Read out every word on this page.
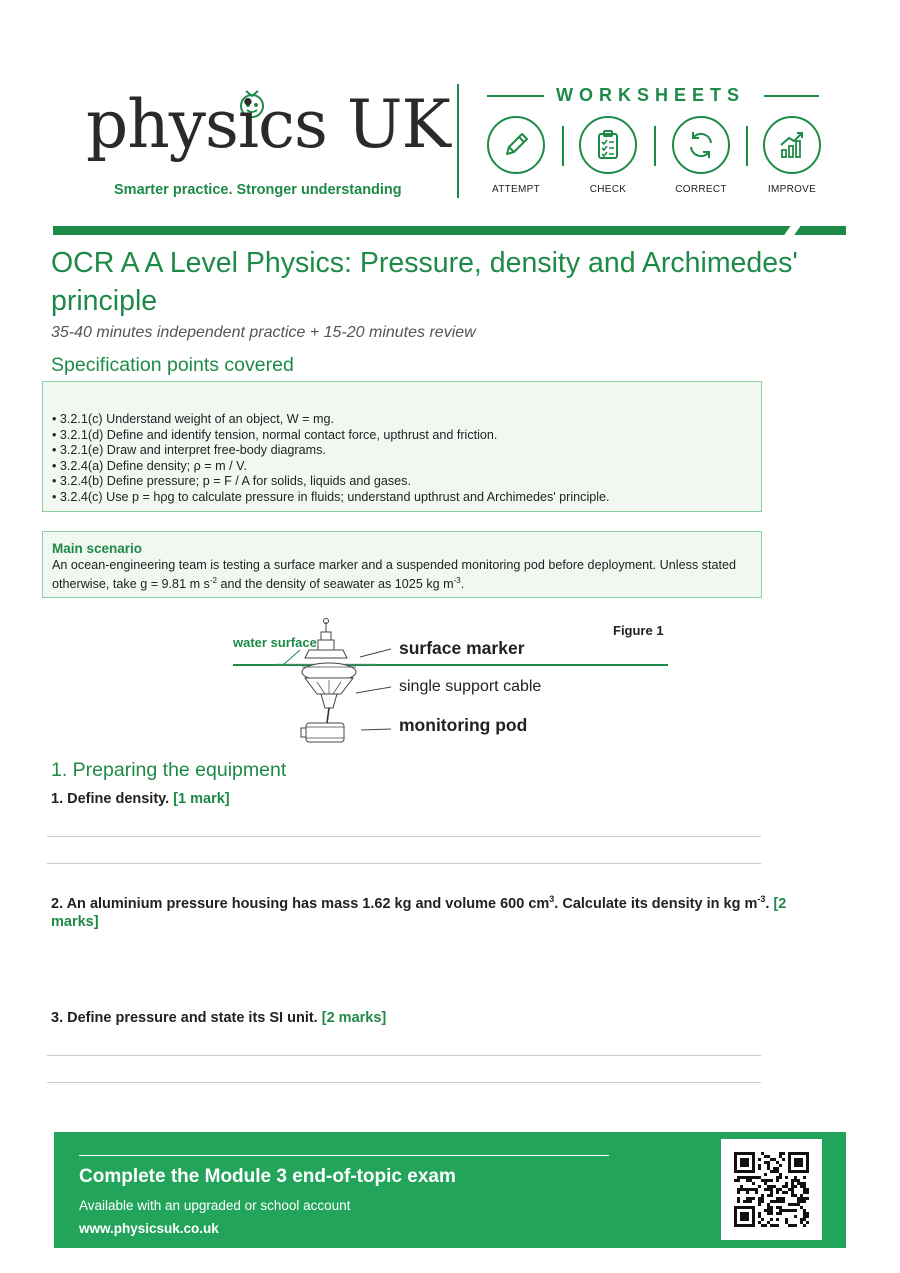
physics UK
Smarter practice. Stronger understanding
WORKSHEETS
ATTEMPT	CHECK	CORRECT	IMPROVE
OCR A A Level Physics: Pressure, density and Archimedes' principle
35-40 minutes independent practice + 15-20 minutes review
Specification points covered
• 3.2.1(c) Understand weight of an object, W = mg.
• 3.2.1(d) Define and identify tension, normal contact force, upthrust and friction.
• 3.2.1(e) Draw and interpret free-body diagrams.
• 3.2.4(a) Define density; ρ = m / V.
• 3.2.4(b) Define pressure; p = F / A for solids, liquids and gases.
• 3.2.4(c) Use p = hρg to calculate pressure in fluids; understand upthrust and Archimedes' principle.
Main scenario
An ocean-engineering team is testing a surface marker and a suspended monitoring pod before deployment. Unless stated otherwise, take g = 9.81 m $s^{-2}$ and the density of seawater as 1025 kg $m^{-3}$.
Figure 1
water surface	surface marker
single support cable
monitoring pod
1. Preparing the equipment
1. Define density. [1 mark]
2. An aluminium pressure housing has mass 1.62 kg and volume 600 $cm^3$. Calculate its density in kg $m^{-3}$. [2 marks]
3. Define pressure and state its SI unit. [2 marks]
Complete the Module 3 end-of-topic exam
Available with an upgraded or school account
www.physicsuk.co.uk
